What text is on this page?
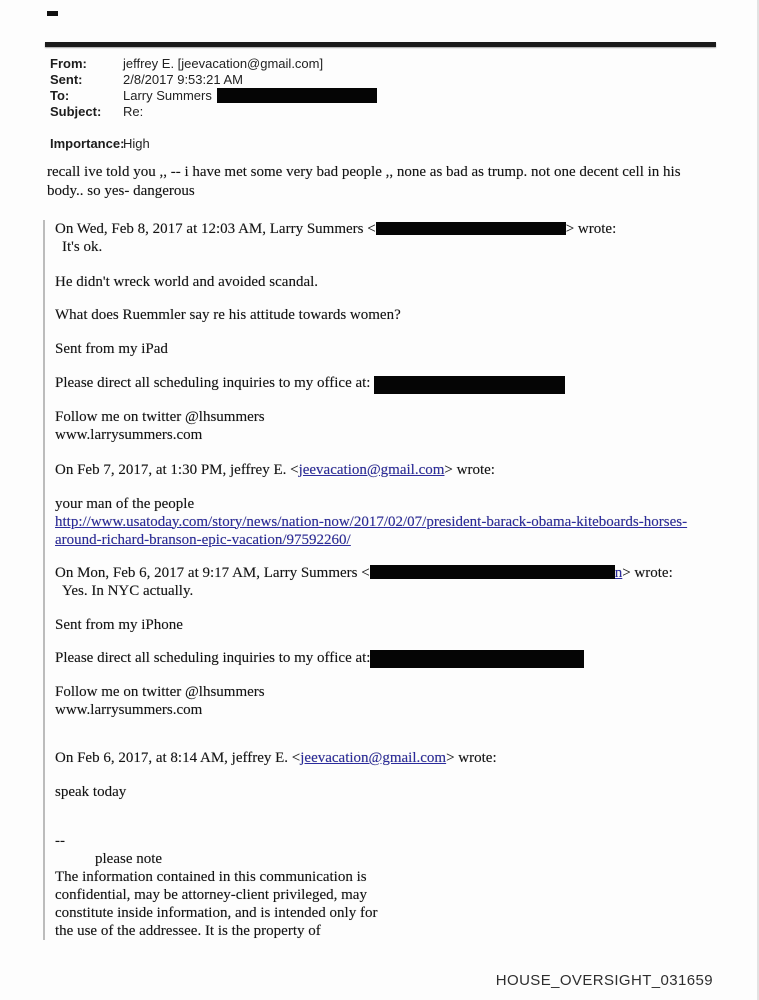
From:	jeffrey E. [jeevacation@gmail.com]
Sent:	2/8/2017 9:53:21 AM
To:	Larry Summers
Subject:	Re:
Importance:
High
recall ive told you ,, -- i have met some very bad people ,, none as bad as trump. not one decent cell in his
body.. so yes- dangerous

On Wed, Feb 8, 2017 at 12:03 AM, Larry Summers <	> wrote:

It's ok.

He didn't wreck world and avoided scandal.

What does Ruemmler say re his attitude towards women?

Sent from my iPad

Please direct all scheduling inquiries to my office at:

Follow me on twitter @lhsummers

www.larrysummers.com

On Feb 7, 2017, at 1:30 PM, jeffrey E. <jeevacation@gmail.com> wrote:

your man of the people

http://www.usatoday.com/story/news/nation-now/2017/02/07/president-barack-obama-kiteboards-horses-
around-richard-branson-epic-vacation/97592260/

On Mon, Feb 6, 2017 at 9:17 AM, Larry Summers <	n> wrote:

Yes. In NYC actually.

Sent from my iPhone

Please direct all scheduling inquiries to my office at:

Follow me on twitter @lhsummers

www.larrysummers.com

On Feb 6, 2017, at 8:14 AM, jeffrey E. <jeevacation@gmail.com> wrote:

speak today

--

please note

The information contained in this communication is

confidential, may be attorney-client privileged, may

constitute inside information, and is intended only for

the use of the addressee. It is the property of

HOUSE_OVERSIGHT_031659
